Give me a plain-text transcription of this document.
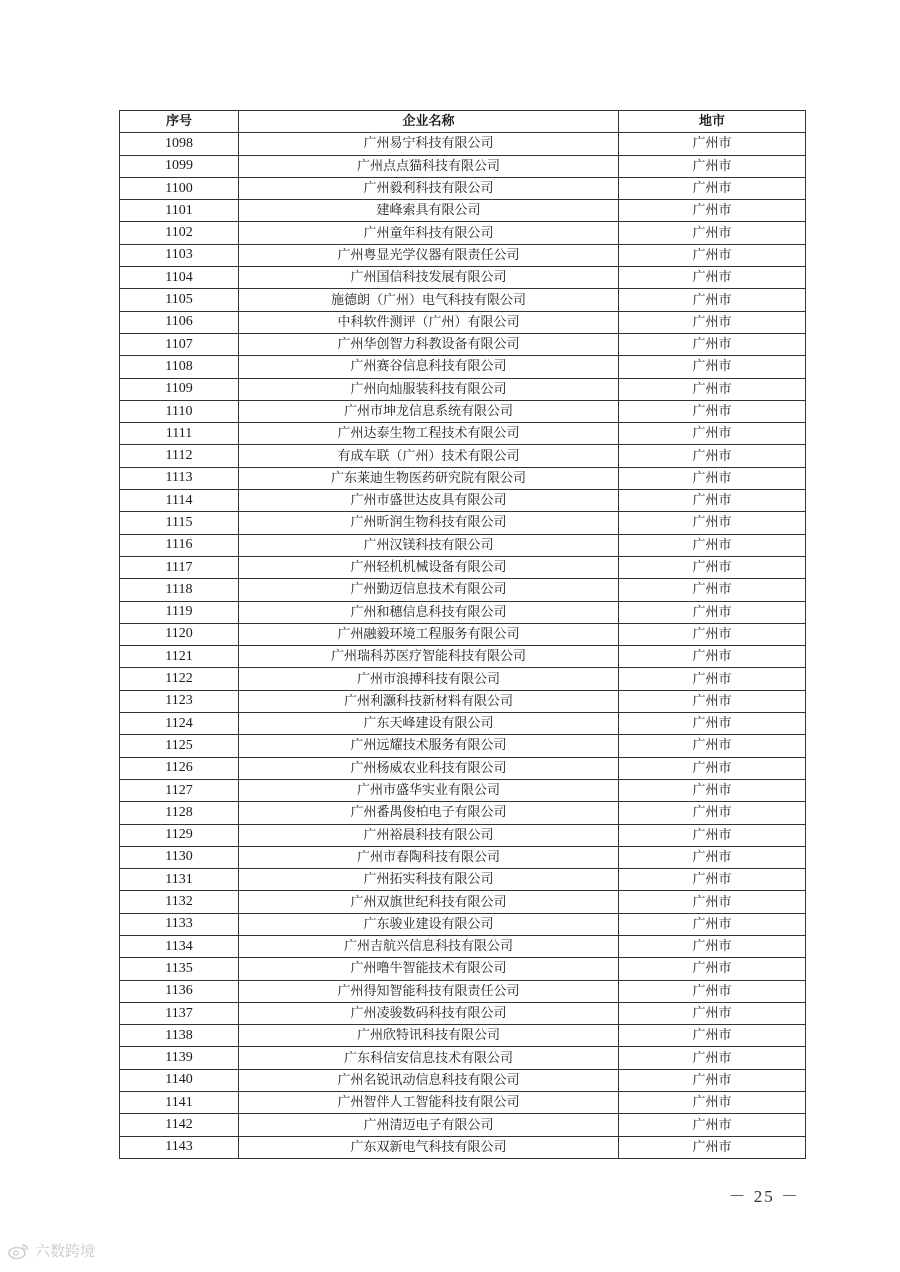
序号	企业名称	地市
1098	广州易宁科技有限公司	广州市
1099	广州点点猫科技有限公司	广州市
1100	广州毅利科技有限公司	广州市
1101	建峰索具有限公司	广州市
1102	广州童年科技有限公司	广州市
1103	广州粤显光学仪器有限责任公司	广州市
1104	广州国信科技发展有限公司	广州市
1105	施德朗（广州）电气科技有限公司	广州市
1106	中科软件测评（广州）有限公司	广州市
1107	广州华创智力科教设备有限公司	广州市
1108	广州赛谷信息科技有限公司	广州市
1109	广州向灿服装科技有限公司	广州市
1110	广州市坤龙信息系统有限公司	广州市
1111	广州达泰生物工程技术有限公司	广州市
1112	有成车联（广州）技术有限公司	广州市
1113	广东莱迪生物医药研究院有限公司	广州市
1114	广州市盛世达皮具有限公司	广州市
1115	广州昕润生物科技有限公司	广州市
1116	广州汉镁科技有限公司	广州市
1117	广州轻机机械设备有限公司	广州市
1118	广州勤迈信息技术有限公司	广州市
1119	广州和穗信息科技有限公司	广州市
1120	广州融毅环境工程服务有限公司	广州市
1121	广州瑞科苏医疗智能科技有限公司	广州市
1122	广州市浪搏科技有限公司	广州市
1123	广州利灏科技新材料有限公司	广州市
1124	广东天峰建设有限公司	广州市
1125	广州远耀技术服务有限公司	广州市
1126	广州杨威农业科技有限公司	广州市
1127	广州市盛华实业有限公司	广州市
1128	广州番禺俊柏电子有限公司	广州市
1129	广州裕晨科技有限公司	广州市
1130	广州市春陶科技有限公司	广州市
1131	广州拓实科技有限公司	广州市
1132	广州双旗世纪科技有限公司	广州市
1133	广东骏业建设有限公司	广州市
1134	广州吉航兴信息科技有限公司	广州市
1135	广州噜牛智能技术有限公司	广州市
1136	广州得知智能科技有限责任公司	广州市
1137	广州凌骏数码科技有限公司	广州市
1138	广州欣特讯科技有限公司	广州市
1139	广东科信安信息技术有限公司	广州市
1140	广州名锐讯动信息科技有限公司	广州市
1141	广州智伴人工智能科技有限公司	广州市
1142	广州清迈电子有限公司	广州市
1143	广东双新电气科技有限公司	广州市
－ 25 －
六数跨境
